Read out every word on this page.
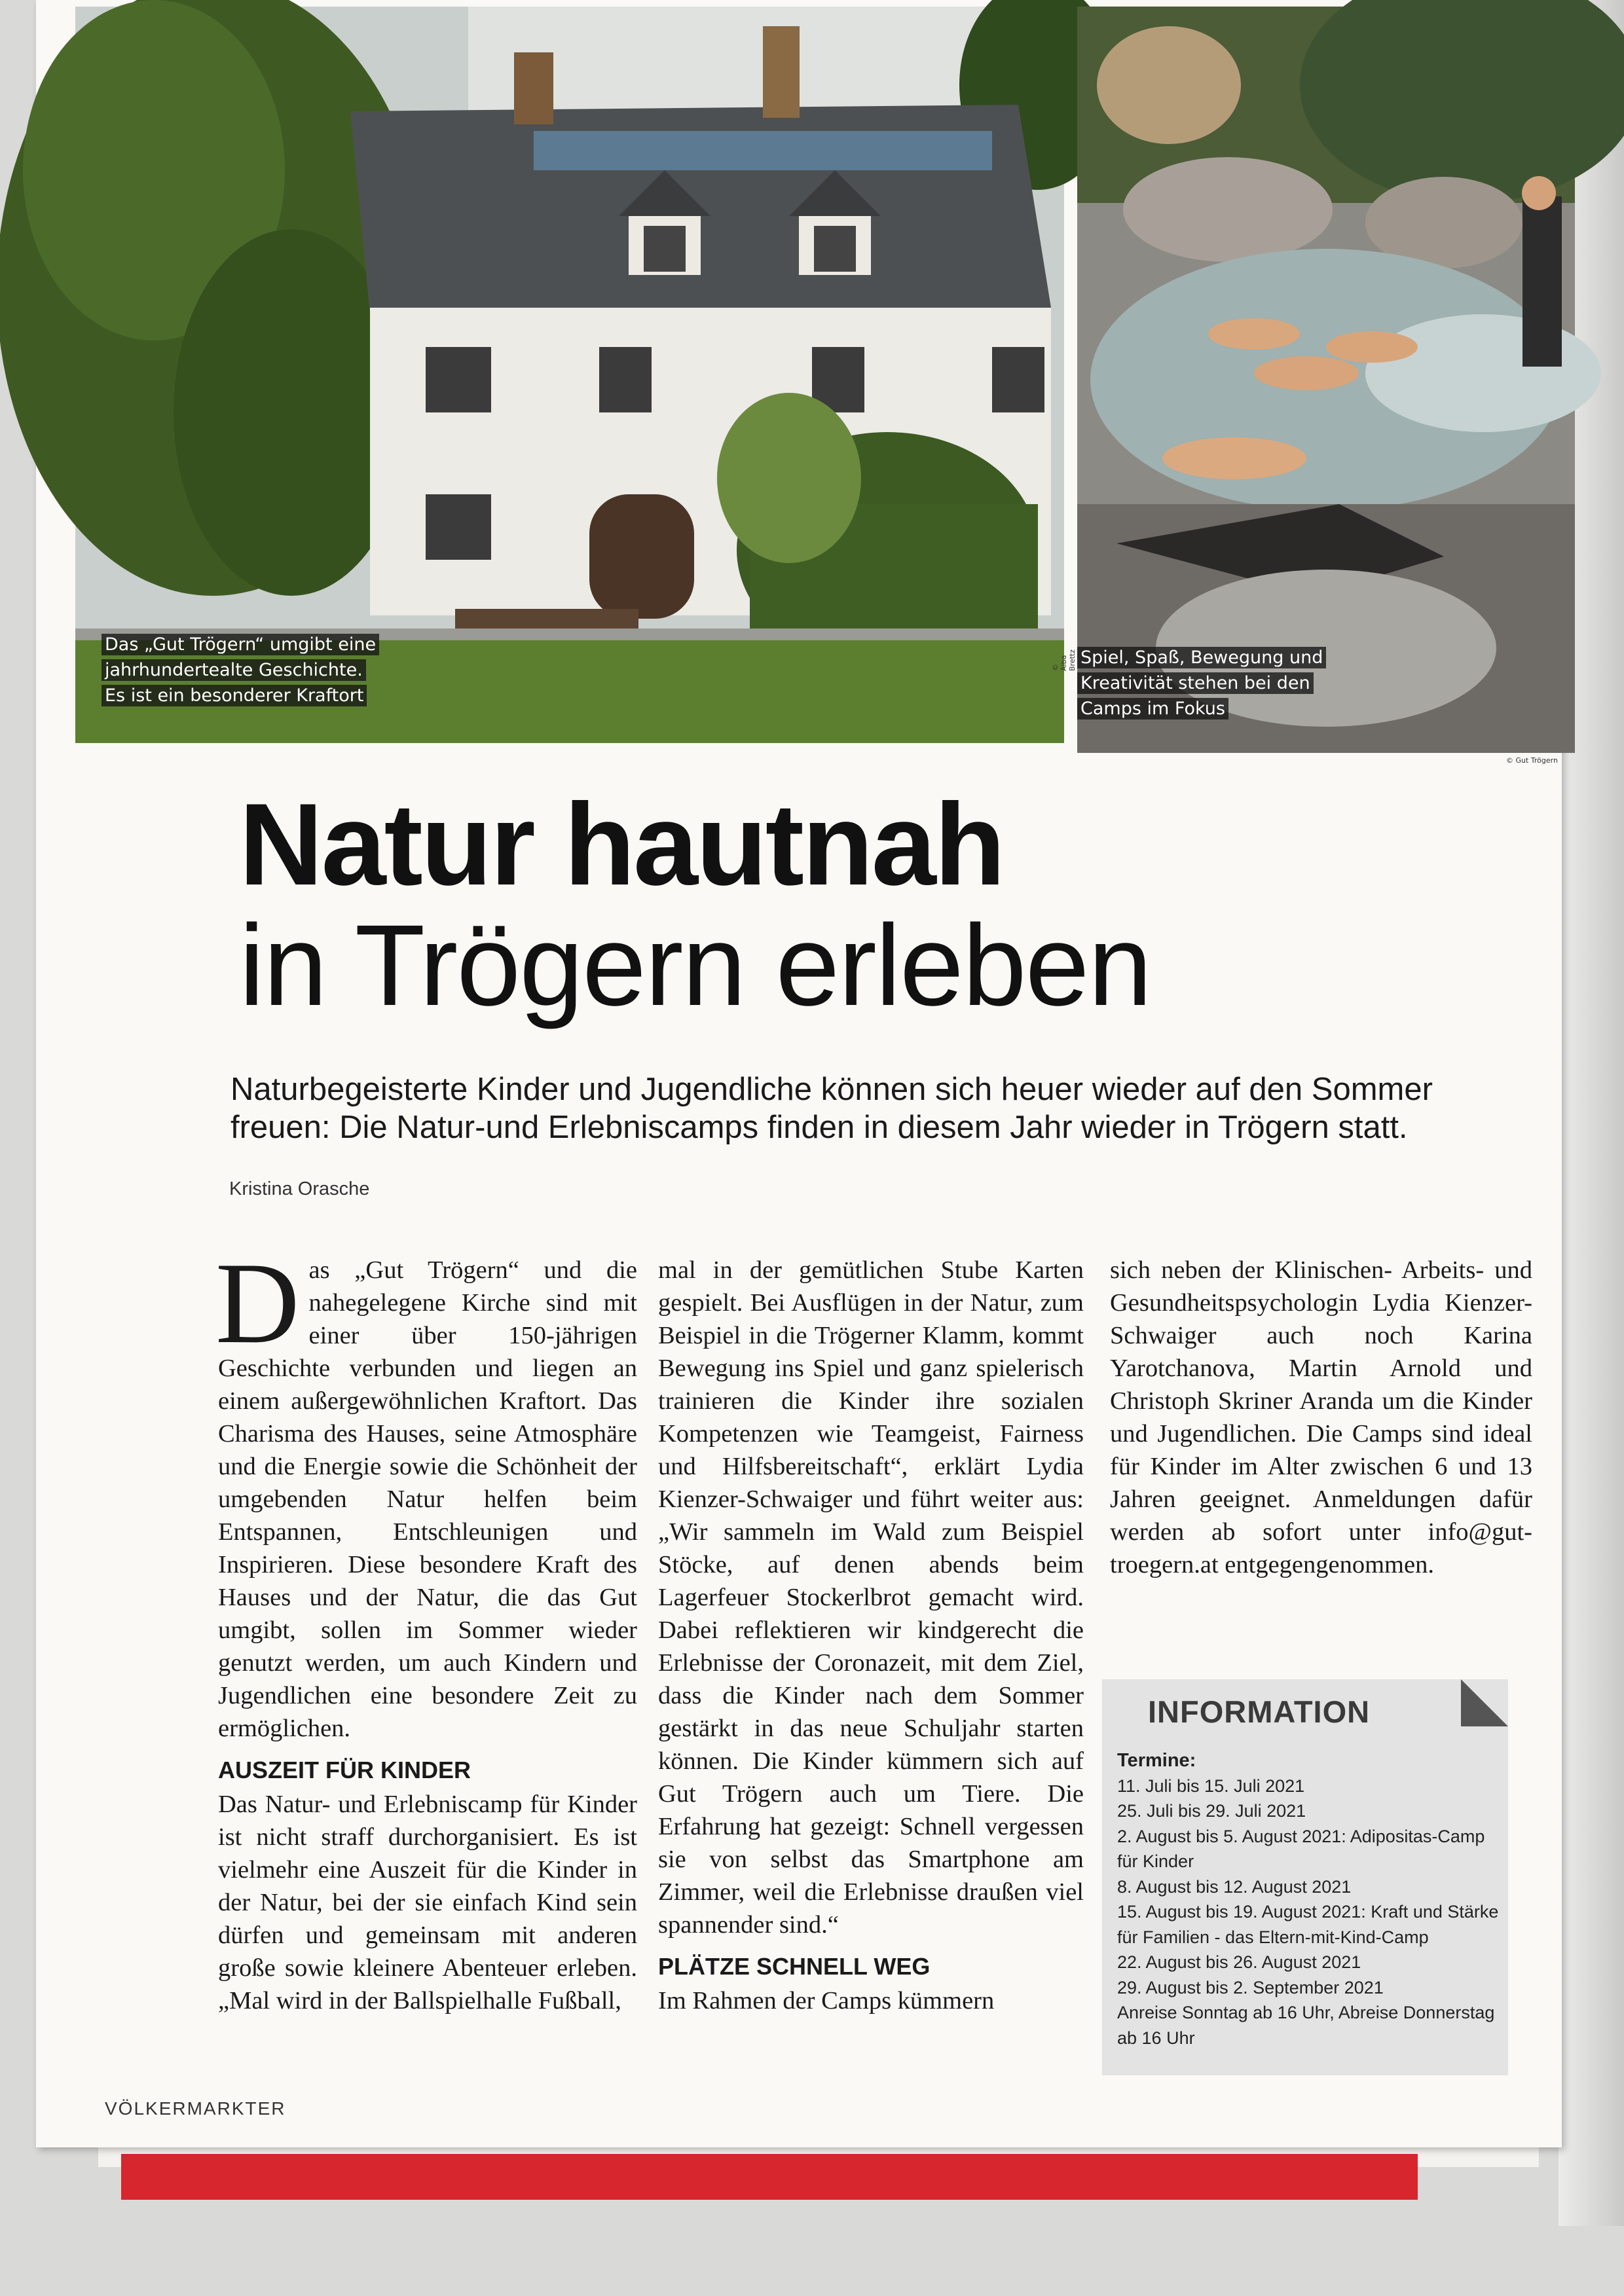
Das „Gut Trögern“ umgibt eine
jahrhundertealte Geschichte.
Es ist ein besonderer Kraftort
© Aiba Brettz Spiel, Spaß, Bewegung und
Kreativität stehen bei den
Camps im Fokus
© Gut Trögern
Natur hautnah
in Trögern erleben

Naturbegeisterte Kinder und Jugendliche können sich heuer wieder auf den Sommer freuen: Die Natur-und Erlebniscamps finden in diesem Jahr wieder in Trögern statt.

Kristina Orasche

Das „Gut Trögern“ und die nahegelegene Kirche sind mit einer über 150-jährigen Geschichte verbunden und liegen an einem außergewöhnlichen Kraftort. Das Charisma des Hauses, seine Atmosphäre und die Energie sowie die Schönheit der umgebenden Natur helfen beim Entspannen, Entschleunigen und Inspirieren. Diese besondere Kraft des Hauses und der Natur, die das Gut umgibt, sollen im Sommer wieder genutzt werden, um auch Kindern und Jugendlichen eine besondere Zeit zu ermöglichen.

AUSZEIT FÜR KINDER

Das Natur- und Erlebniscamp für Kinder ist nicht straff durchorganisiert. Es ist vielmehr eine Auszeit für die Kinder in der Natur, bei der sie einfach Kind sein dürfen und gemeinsam mit anderen große sowie kleinere Abenteuer erleben. „Mal wird in der Ballspielhalle Fußball,

mal in der gemütlichen Stube Karten gespielt. Bei Ausflügen in der Natur, zum Beispiel in die Trögerner Klamm, kommt Bewegung ins Spiel und ganz spielerisch trainieren die Kinder ihre sozialen Kompetenzen wie Teamgeist, Fairness und Hilfsbereitschaft“, erklärt Lydia Kienzer-Schwaiger und führt weiter aus: „Wir sammeln im Wald zum Beispiel Stöcke, auf denen abends beim Lagerfeuer Stockerlbrot gemacht wird. Dabei reflektieren wir kindgerecht die Erlebnisse der Coronazeit, mit dem Ziel, dass die Kinder nach dem Sommer gestärkt in das neue Schuljahr starten können. Die Kinder kümmern sich auf Gut Trögern auch um Tiere. Die Erfahrung hat gezeigt: Schnell vergessen sie von selbst das Smartphone am Zimmer, weil die Erlebnisse draußen viel spannender sind.“

PLÄTZE SCHNELL WEG

Im Rahmen der Camps kümmern

sich neben der Klinischen- Arbeits- und Gesundheitspsychologin Lydia Kienzer-Schwaiger auch noch Karina Yarotchanova, Martin Arnold und Christoph Skriner Aranda um die Kinder und Jugendlichen. Die Camps sind ideal für Kinder im Alter zwischen 6 und 13 Jahren geeignet. Anmeldungen dafür werden ab sofort unter info@gut-troegern.at entgegengenommen.

INFORMATION
Termine:
11. Juli bis 15. Juli 2021
25. Juli bis 29. Juli 2021
2. August bis 5. August 2021: Adipositas-Camp für Kinder
8. August bis 12. August 2021
15. August bis 19. August 2021: Kraft und Stärke für Familien - das Eltern-mit-Kind-Camp
22. August bis 26. August 2021
29. August bis 2. September 2021
Anreise Sonntag ab 16 Uhr, Abreise Donnerstag ab 16 Uhr
VÖLKERMARKTER
